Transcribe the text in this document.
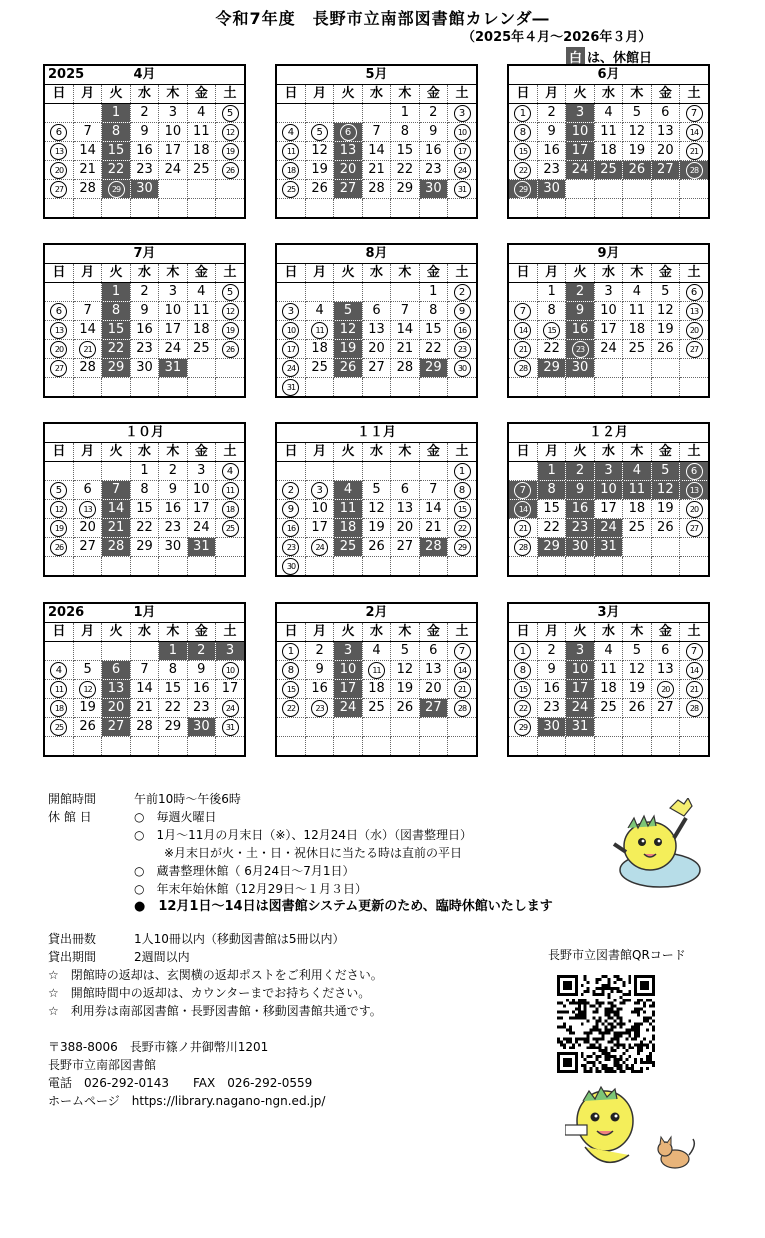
令和7年度　長野市立南部図書館カレンダ―
（2025年４月～2026年３月）
白 は、休館日
4月
2025
日	月	火	水	木	金	土
		1	2	3	4	5
6	7	8	9	10	11	12
13	14	15	16	17	18	19
20	21	22	23	24	25	26
27	28	29	30			

5月
日	月	火	水	木	金	土
				1	2	3
4	5	6	7	8	9	10
11	12	13	14	15	16	17
18	19	20	21	22	23	24
25	26	27	28	29	30	31

6月
日	月	火	水	木	金	土
1	2	3	4	5	6	7
8	9	10	11	12	13	14
15	16	17	18	19	20	21
22	23	24	25	26	27	28
29	30					

7月
日	月	火	水	木	金	土
		1	2	3	4	5
6	7	8	9	10	11	12
13	14	15	16	17	18	19
20	21	22	23	24	25	26
27	28	29	30	31		

8月
日	月	火	水	木	金	土
					1	2
3	4	5	6	7	8	9
10	11	12	13	14	15	16
17	18	19	20	21	22	23
24	25	26	27	28	29	30
31						
9月
日	月	火	水	木	金	土
	1	2	3	4	5	6
7	8	9	10	11	12	13
14	15	16	17	18	19	20
21	22	23	24	25	26	27
28	29	30				

１０月
日	月	火	水	木	金	土
			1	2	3	4
5	6	7	8	9	10	11
12	13	14	15	16	17	18
19	20	21	22	23	24	25
26	27	28	29	30	31	

１１月
日	月	火	水	木	金	土
						1
2	3	4	5	6	7	8
9	10	11	12	13	14	15
16	17	18	19	20	21	22
23	24	25	26	27	28	29
30						
１２月
日	月	火	水	木	金	土
	1	2	3	4	5	6
7	8	9	10	11	12	13
14	15	16	17	18	19	20
21	22	23	24	25	26	27
28	29	30	31			

1月
2026
日	月	火	水	木	金	土
				1	2	3
4	5	6	7	8	9	10
11	12	13	14	15	16	17
18	19	20	21	22	23	24
25	26	27	28	29	30	31

2月
日	月	火	水	木	金	土
1	2	3	4	5	6	7
8	9	10	11	12	13	14
15	16	17	18	19	20	21
22	23	24	25	26	27	28

3月
日	月	火	水	木	金	土
1	2	3	4	5	6	7
8	9	10	11	12	13	14
15	16	17	18	19	20	21
22	23	24	25	26	27	28
29	30	31				

開館時間	午前10時～午後6時
休 館 日	○　毎週火曜日
○　1月～11月の月末日（※）、12月24日（水）（図書整理日）
※月末日が火・土・日・祝休日に当たる時は直前の平日
○　蔵書整理休館（ 6月24日～7月1日）
○　年末年始休館（12月29日～１月３日）
●　12月1日～14日は図書館システム更新のため、臨時休館いたします
貸出冊数	1人10冊以内（移動図書館は5冊以内）
貸出期間	2週間以内
☆　閉館時の返却は、玄関横の返却ポストをご利用ください。
☆　開館時間中の返却は、カウンターまでお持ちください。
☆　利用券は南部図書館・長野図書館・移動図書館共通です。
〒388-8006　長野市篠ノ井御幣川1201
長野市立南部図書館
電話　026-292-0143　　FAX　026-292-0559
ホームページ　https://library.nagano-ngn.ed.jp/
長野市立図書館QRコード
